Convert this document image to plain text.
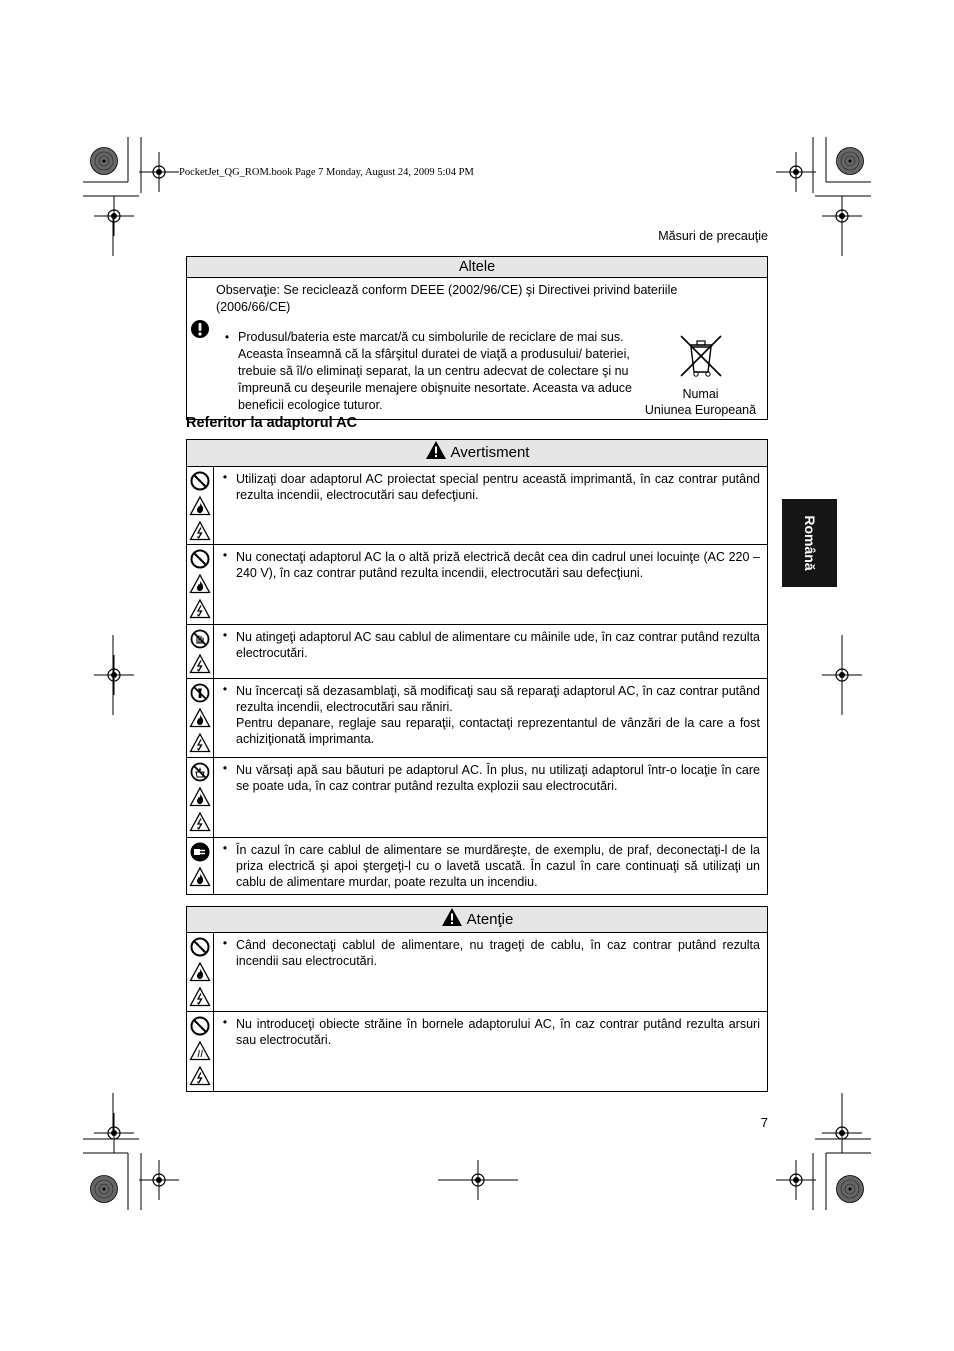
PocketJet_QG_ROM.book Page 7 Monday, August 24, 2009 5:04 PM
Măsuri de precauţie
Română
Altele

Observaţie: Se reciclează conform DEEE (2002/96/CE) şi Directivei privind bateriile (2006/66/CE)
• Produsul/bateria este marcat/ă cu simbolurile de reciclare de mai sus. Aceasta înseamnă că la sfârşitul duratei de viaţă a produsului/ bateriei, trebuie să îl/o eliminaţi separat, la un centru adecvat de colectare şi nu împreună cu deşeurile menajere obişnuite nesortate. Aceasta va aduce beneficii ecologice tuturor.
Numai
Uniunea Europeană
Referitor la adaptorul AC
Avertisment	

• Utilizaţi doar adaptorul AC proiectat special pentru această imprimantă, în caz contrar putând rezulta incendii, electrocutări sau defecţiuni.

• Nu conectaţi adaptorul AC la o altă priză electrică decât cea din cadrul unei locuinţe (AC 220 – 240 V), în caz contrar putând rezulta incendii, electrocutări sau defecţiuni.

• Nu atingeţi adaptorul AC sau cablul de alimentare cu mâinile ude, în caz contrar putând rezulta electrocutări.

• Nu încercaţi să dezasamblaţi, să modificaţi sau să reparaţi adaptorul AC, în caz contrar putând rezulta incendii, electrocutări sau răniri.
Pentru depanare, reglaje sau reparaţii, contactaţi reprezentantul de vânzări de la care a fost achiziţionată imprimanta.

• Nu vărsaţi apă sau băuturi pe adaptorul AC. În plus, nu utilizaţi adaptorul într-o locaţie în care se poate uda, în caz contrar putând rezulta explozii sau electrocutări.

• În cazul în care cablul de alimentare se murdăreşte, de exemplu, de praf, deconectaţi-l de la priza electrică şi apoi ştergeţi-l cu o lavetă uscată. În cazul în care continuaţi să utilizaţi un cablu de alimentare murdar, poate rezulta un incendiu.
Atenţie	

• Când deconectaţi cablul de alimentare, nu trageţi de cablu, în caz contrar putând rezulta incendii sau electrocutări.

• Nu introduceţi obiecte străine în bornele adaptorului AC, în caz contrar putând rezulta arsuri sau electrocutări.
7
